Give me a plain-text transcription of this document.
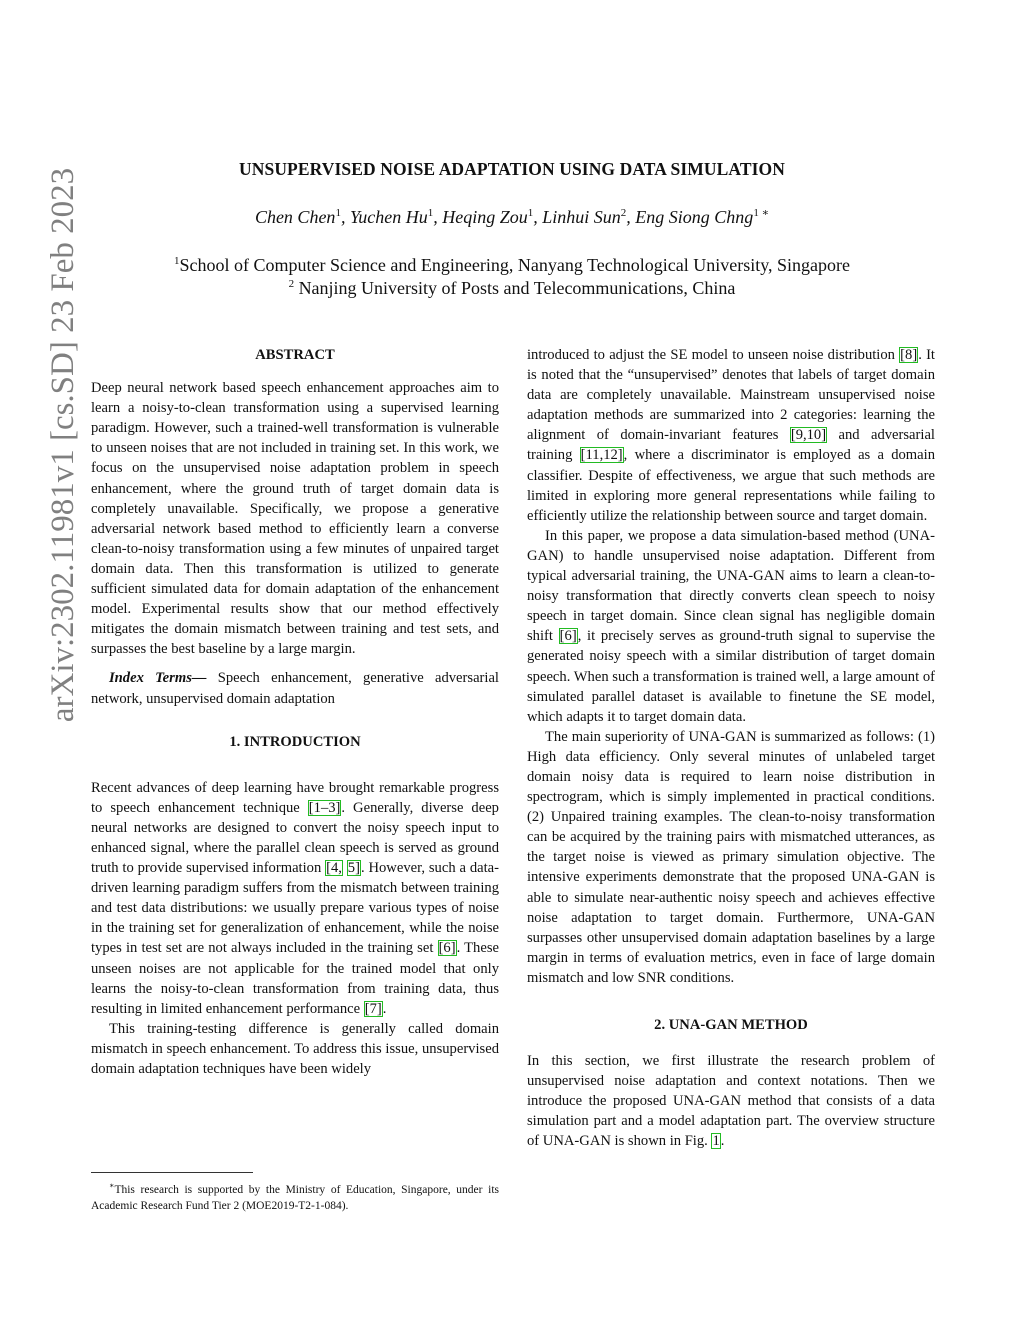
arXiv:2302.11981v1 [cs.SD] 23 Feb 2023	UNSUPERVISED NOISE ADAPTATION USING DATA SIMULATION
Chen Chen$^1$, Yuchen Hu$^1$, Heqing Zou$^1$, Linhui Sun$^2$, Eng Siong Chng$^{1 ∗}$
$^1$School of Computer Science and Engineering, Nanyang Technological University, Singapore
$^2$ Nanjing University of Posts and Telecommunications, China

ABSTRACT

Deep neural network based speech enhancement approaches aim to learn a noisy-to-clean transformation using a supervised learning paradigm. However, such a trained-well transformation is vulnerable to unseen noises that are not included in training set. In this work, we focus on the unsupervised noise adaptation problem in speech enhancement, where the ground truth of target domain data is completely unavailable. Specifically, we propose a generative adversarial network based method to efficiently learn a converse clean-to-noisy transformation using a few minutes of unpaired target domain data. Then this transformation is utilized to generate sufficient simulated data for domain adaptation of the enhancement model. Experimental results show that our method effectively mitigates the domain mismatch between training and test sets, and surpasses the best baseline by a large margin.

Index Terms— Speech enhancement, generative adversarial network, unsupervised domain adaptation

1. INTRODUCTION

Recent advances of deep learning have brought remarkable progress to speech enhancement technique [1–3]. Generally, diverse deep neural networks are designed to convert the noisy speech input to enhanced signal, where the parallel clean speech is served as ground truth to provide supervised information [4, 5]. However, such a data-driven learning paradigm suffers from the mismatch between training and test data distributions: we usually prepare various types of noise in the training set for generalization of enhancement, while the noise types in test set are not always included in the training set [6]. These unseen noises are not applicable for the trained model that only learns the noisy-to-clean transformation from training data, thus resulting in limited enhancement performance [7].

This training-testing difference is generally called domain mismatch in speech enhancement. To address this issue, unsupervised domain adaptation techniques have been widely

∗This research is supported by the Ministry of Education, Singapore, under its Academic Research Fund Tier 2 (MOE2019-T2-1-084).

introduced to adjust the SE model to unseen noise distribution [8]. It is noted that the “unsupervised” denotes that labels of target domain data are completely unavailable. Mainstream unsupervised noise adaptation methods are summarized into 2 categories: learning the alignment of domain-invariant features [9,10] and adversarial training [11,12], where a discriminator is employed as a domain classifier. Despite of effectiveness, we argue that such methods are limited in exploring more general representations while failing to efficiently utilize the relationship between source and target domain.

In this paper, we propose a data simulation-based method (UNA-GAN) to handle unsupervised noise adaptation. Different from typical adversarial training, the UNA-GAN aims to learn a clean-to-noisy transformation that directly converts clean speech to noisy speech in target domain. Since clean signal has negligible domain shift [6], it precisely serves as ground-truth signal to supervise the generated noisy speech with a similar distribution of target domain speech. When such a transformation is trained well, a large amount of simulated parallel dataset is available to finetune the SE model, which adapts it to target domain data.

The main superiority of UNA-GAN is summarized as follows: (1) High data efficiency. Only several minutes of unlabeled target domain noisy data is required to learn noise distribution in spectrogram, which is simply implemented in practical conditions. (2) Unpaired training examples. The clean-to-noisy transformation can be acquired by the training pairs with mismatched utterances, as the target noise is viewed as primary simulation objective. The intensive experiments demonstrate that the proposed UNA-GAN is able to simulate near-authentic noisy speech and achieves effective noise adaptation to target domain. Furthermore, UNA-GAN surpasses other unsupervised domain adaptation baselines by a large margin in terms of evaluation metrics, even in face of large domain mismatch and low SNR conditions.

2. UNA-GAN METHOD

In this section, we first illustrate the research problem of unsupervised noise adaptation and context notations. Then we introduce the proposed UNA-GAN method that consists of a data simulation part and a model adaptation part. The overview structure of UNA-GAN is shown in Fig. 1.
